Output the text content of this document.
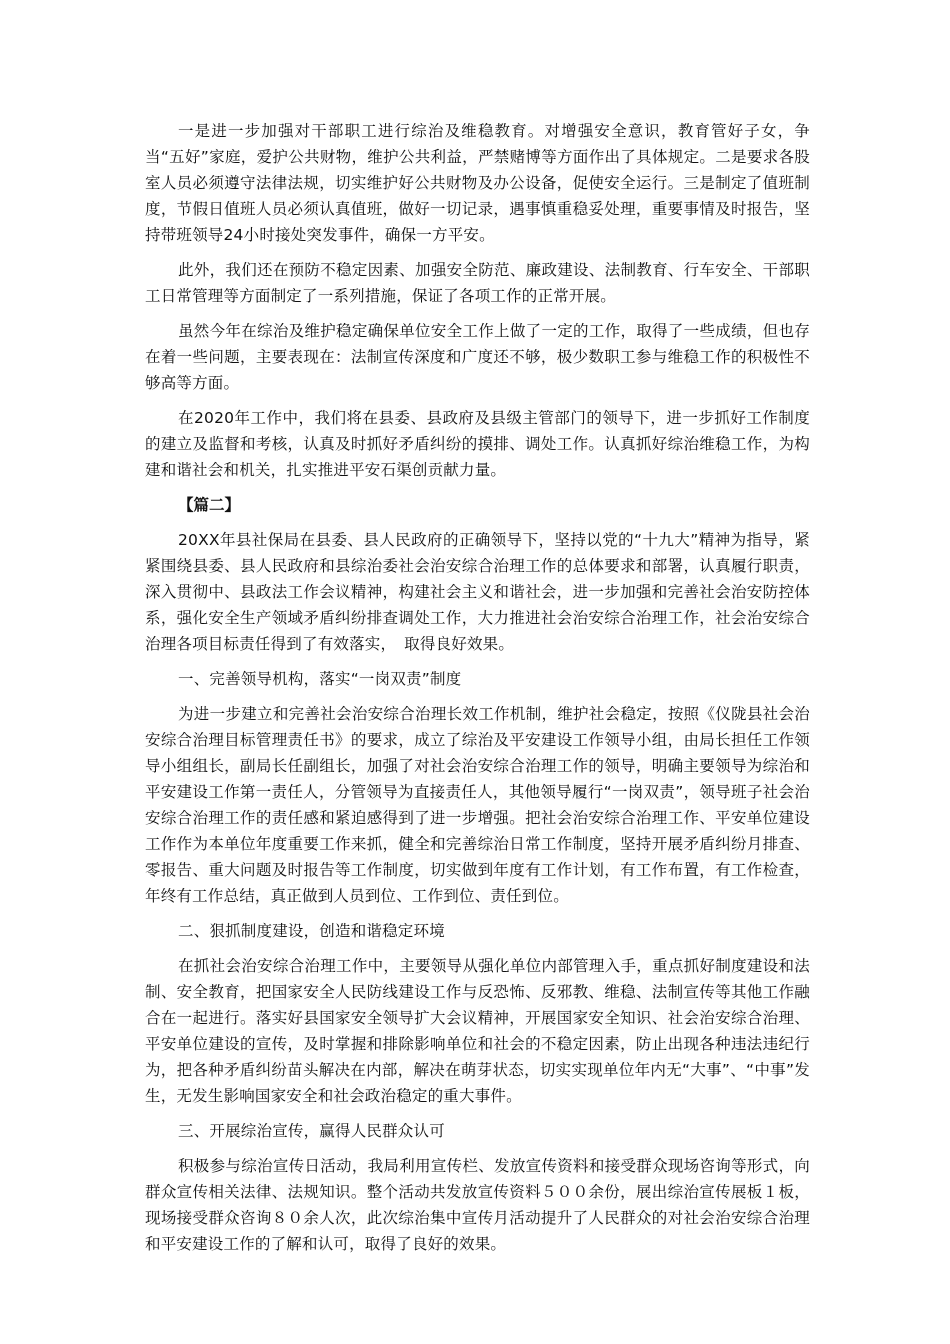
一是进一步加强对干部职工进行综治及维稳教育。对增强安全意识，教育管好子女，争当“五好”家庭，爱护公共财物，维护公共利益，严禁赌博等方面作出了具体规定。二是要求各股室人员必须遵守法律法规，切实维护好公共财物及办公设备，促使安全运行。三是制定了值班制度，节假日值班人员必须认真值班，做好一切记录，遇事慎重稳妥处理，重要事情及时报告，坚持带班领导24小时接处突发事件，确保一方平安。

此外，我们还在预防不稳定因素、加强安全防范、廉政建设、法制教育、行车安全、干部职工日常管理等方面制定了一系列措施，保证了各项工作的正常开展。

虽然今年在综治及维护稳定确保单位安全工作上做了一定的工作，取得了一些成绩，但也存在着一些问题，主要表现在：法制宣传深度和广度还不够，极少数职工参与维稳工作的积极性不够高等方面。

在2020年工作中，我们将在县委、县政府及县级主管部门的领导下，进一步抓好工作制度的建立及监督和考核，认真及时抓好矛盾纠纷的摸排、调处工作。认真抓好综治维稳工作，为构建和谐社会和机关，扎实推进平安石渠创贡献力量。

【篇二】

20XX年县社保局在县委、县人民政府的正确领导下，坚持以党的“十九大”精神为指导，紧紧围绕县委、县人民政府和县综治委社会治安综合治理工作的总体要求和部署，认真履行职责，深入贯彻中、县政法工作会议精神，构建社会主义和谐社会，进一步加强和完善社会治安防控体系，强化安全生产领域矛盾纠纷排查调处工作，大力推进社会治安综合治理工作，社会治安综合治理各项目标责任得到了有效落实，　取得良好效果。

一、完善领导机构，落实“一岗双责”制度

为进一步建立和完善社会治安综合治理长效工作机制，维护社会稳定，按照《仪陇县社会治安综合治理目标管理责任书》的要求，成立了综治及平安建设工作领导小组，由局长担任工作领导小组组长，副局长任副组长，加强了对社会治安综合治理工作的领导，明确主要领导为综治和平安建设工作第一责任人，分管领导为直接责任人，其他领导履行“一岗双责”，领导班子社会治安综合治理工作的责任感和紧迫感得到了进一步增强。把社会治安综合治理工作、平安单位建设工作作为本单位年度重要工作来抓，健全和完善综治日常工作制度，坚持开展矛盾纠纷月排查、零报告、重大问题及时报告等工作制度，切实做到年度有工作计划，有工作布置，有工作检查，年终有工作总结，真正做到人员到位、工作到位、责任到位。

二、狠抓制度建设，创造和谐稳定环境

在抓社会治安综合治理工作中，主要领导从强化单位内部管理入手，重点抓好制度建设和法制、安全教育，把国家安全人民防线建设工作与反恐怖、反邪教、维稳、法制宣传等其他工作融合在一起进行。落实好县国家安全领导扩大会议精神，开展国家安全知识、社会治安综合治理、平安单位建设的宣传，及时掌握和排除影响单位和社会的不稳定因素，防止出现各种违法违纪行为，把各种矛盾纠纷苗头解决在内部，解决在萌芽状态，切实实现单位年内无“大事”、“中事”发生，无发生影响国家安全和社会政治稳定的重大事件。

三、开展综治宣传，赢得人民群众认可

积极参与综治宣传日活动，我局利用宣传栏、发放宣传资料和接受群众现场咨询等形式，向群众宣传相关法律、法规知识。整个活动共发放宣传资料５００余份，展出综治宣传展板１板，现场接受群众咨询８０余人次，此次综治集中宣传月活动提升了人民群众的对社会治安综合治理和平安建设工作的了解和认可，取得了良好的效果。
